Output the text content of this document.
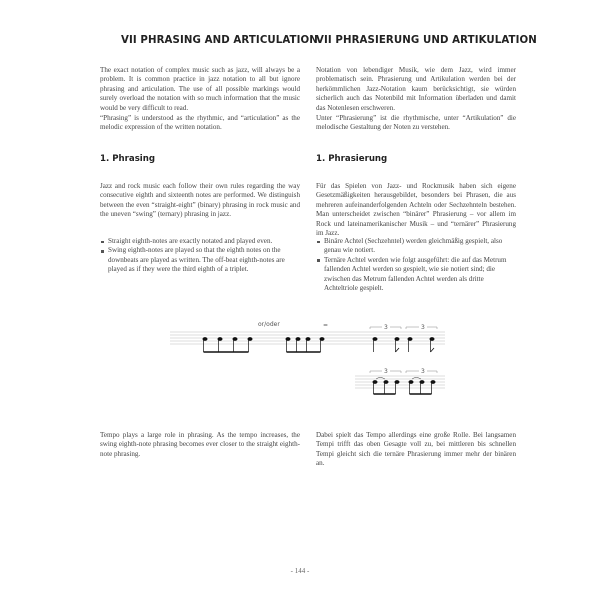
VII PHRASING AND ARTICULATION

The exact notation of complex music such as jazz, will always be a problem. It is common practice in jazz notation to all but ignore phrasing and articulation. The use of all possible markings would surely overload the notation with so much information that the music would be very difficult to read.

“Phrasing” is understood as the rhythmic, and “articulation” as the melodic expression of the written notation.

1. Phrasing

Jazz and rock music each follow their own rules regarding the way consecutive eighth and sixteenth notes are performed. We distinguish between the even “straight-eight” (binary) phrasing in rock music and the uneven “swing” (ternary) phrasing in jazz.

Straight eighth-notes are exactly notated and played even.
Swing eighth-notes are played so that the eighth notes on the downbeats are played as written. The off-beat eighth-notes are played as if they were the third eighth of a triplet.

Tempo plays a large role in phrasing. As the tempo increases, the swing eighth-note phrasing becomes ever closer to the straight eighth-note phrasing.

VII PHRASIERUNG UND ARTIKULATION

Notation von lebendiger Musik, wie dem Jazz, wird immer problematisch sein. Phrasierung und Artikulation werden bei der herkömmlichen Jazz-Notation kaum berücksichtigt, sie würden sicherlich auch das Notenbild mit Information überladen und damit das Notenlesen erschweren.

Unter “Phrasierung” ist die rhythmische, unter “Artikulation” die melodische Gestaltung der Noten zu verstehen.

1. Phrasierung

Für das Spielen von Jazz- und Rockmusik haben sich eigene Gesetzmäßigkeiten herausgebildet, besonders bei Phrasen, die aus mehreren aufeinanderfolgenden Achteln oder Sechzehnteln bestehen. Man unterscheidet zwischen “binärer” Phrasierung – vor allem im Rock und lateinamerikanischer Musik – und “ternärer” Phrasierung im Jazz.

Binäre Achtel (Sechzehntel) werden gleichmäßig gespielt, also genau wie notiert.
Ternäre Achtel werden wie folgt ausgeführt: die auf das Metrum fallenden Achtel werden so gespielt, wie sie notiert sind; die zwischen das Metrum fallenden Achtel werden als dritte Achteltriole gespielt.

Dabei spielt das Tempo allerdings eine große Rolle. Bei langsamen Tempi trifft das oben Gesagte voll zu, bei mittleren bis schnellen Tempi gleicht sich die ternäre Phrasierung immer mehr der binären an.

or/oder	=	3	3
3	3
- 144 -
